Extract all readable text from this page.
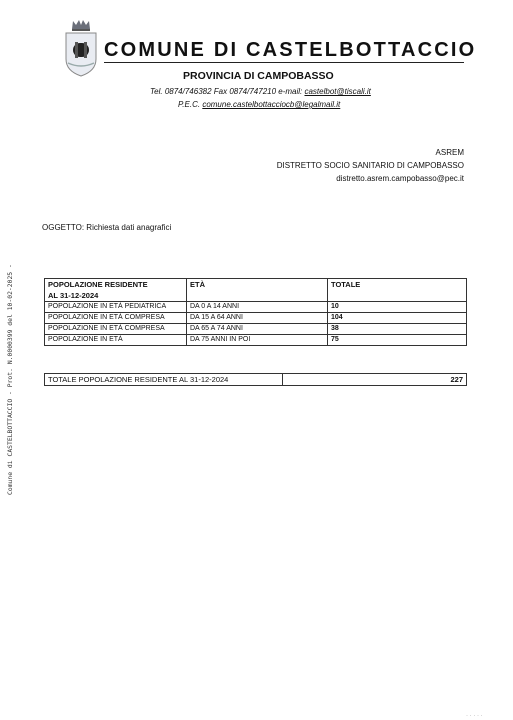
COMUNE DI CASTELBOTTACCIO
PROVINCIA DI CAMPOBASSO
Tel. 0874/746382 Fax 0874/747210 e-mail: castelbot@tiscali.it
P.E.C. comune.castelbottacciocb@legalmail.it
ASREM
DISTRETTO SOCIO SANITARIO DI CAMPOBASSO
distretto.asrem.campobasso@pec.it
OGGETTO: Richiesta dati anagrafici
Comune di CASTELBOTTACCIO - Prot. N.0000399 del 10-02-2025 -	POPOLAZIONE RESIDENTE
AL 31-12-2024	ETÀ	TOTALE
POPOLAZIONE IN ETÀ PEDIATRICA	DA 0 A 14 ANNI	10
POPOLAZIONE IN ETÀ COMPRESA	DA 15 A 64 ANNI	104
POPOLAZIONE IN ETÀ COMPRESA	DA 65 A 74 ANNI	38
POPOLAZIONE IN ETÀ	DA 75 ANNI IN POI	75
TOTALE POPOLAZIONE RESIDENTE AL 31-12-2024	227
· · · · ·
